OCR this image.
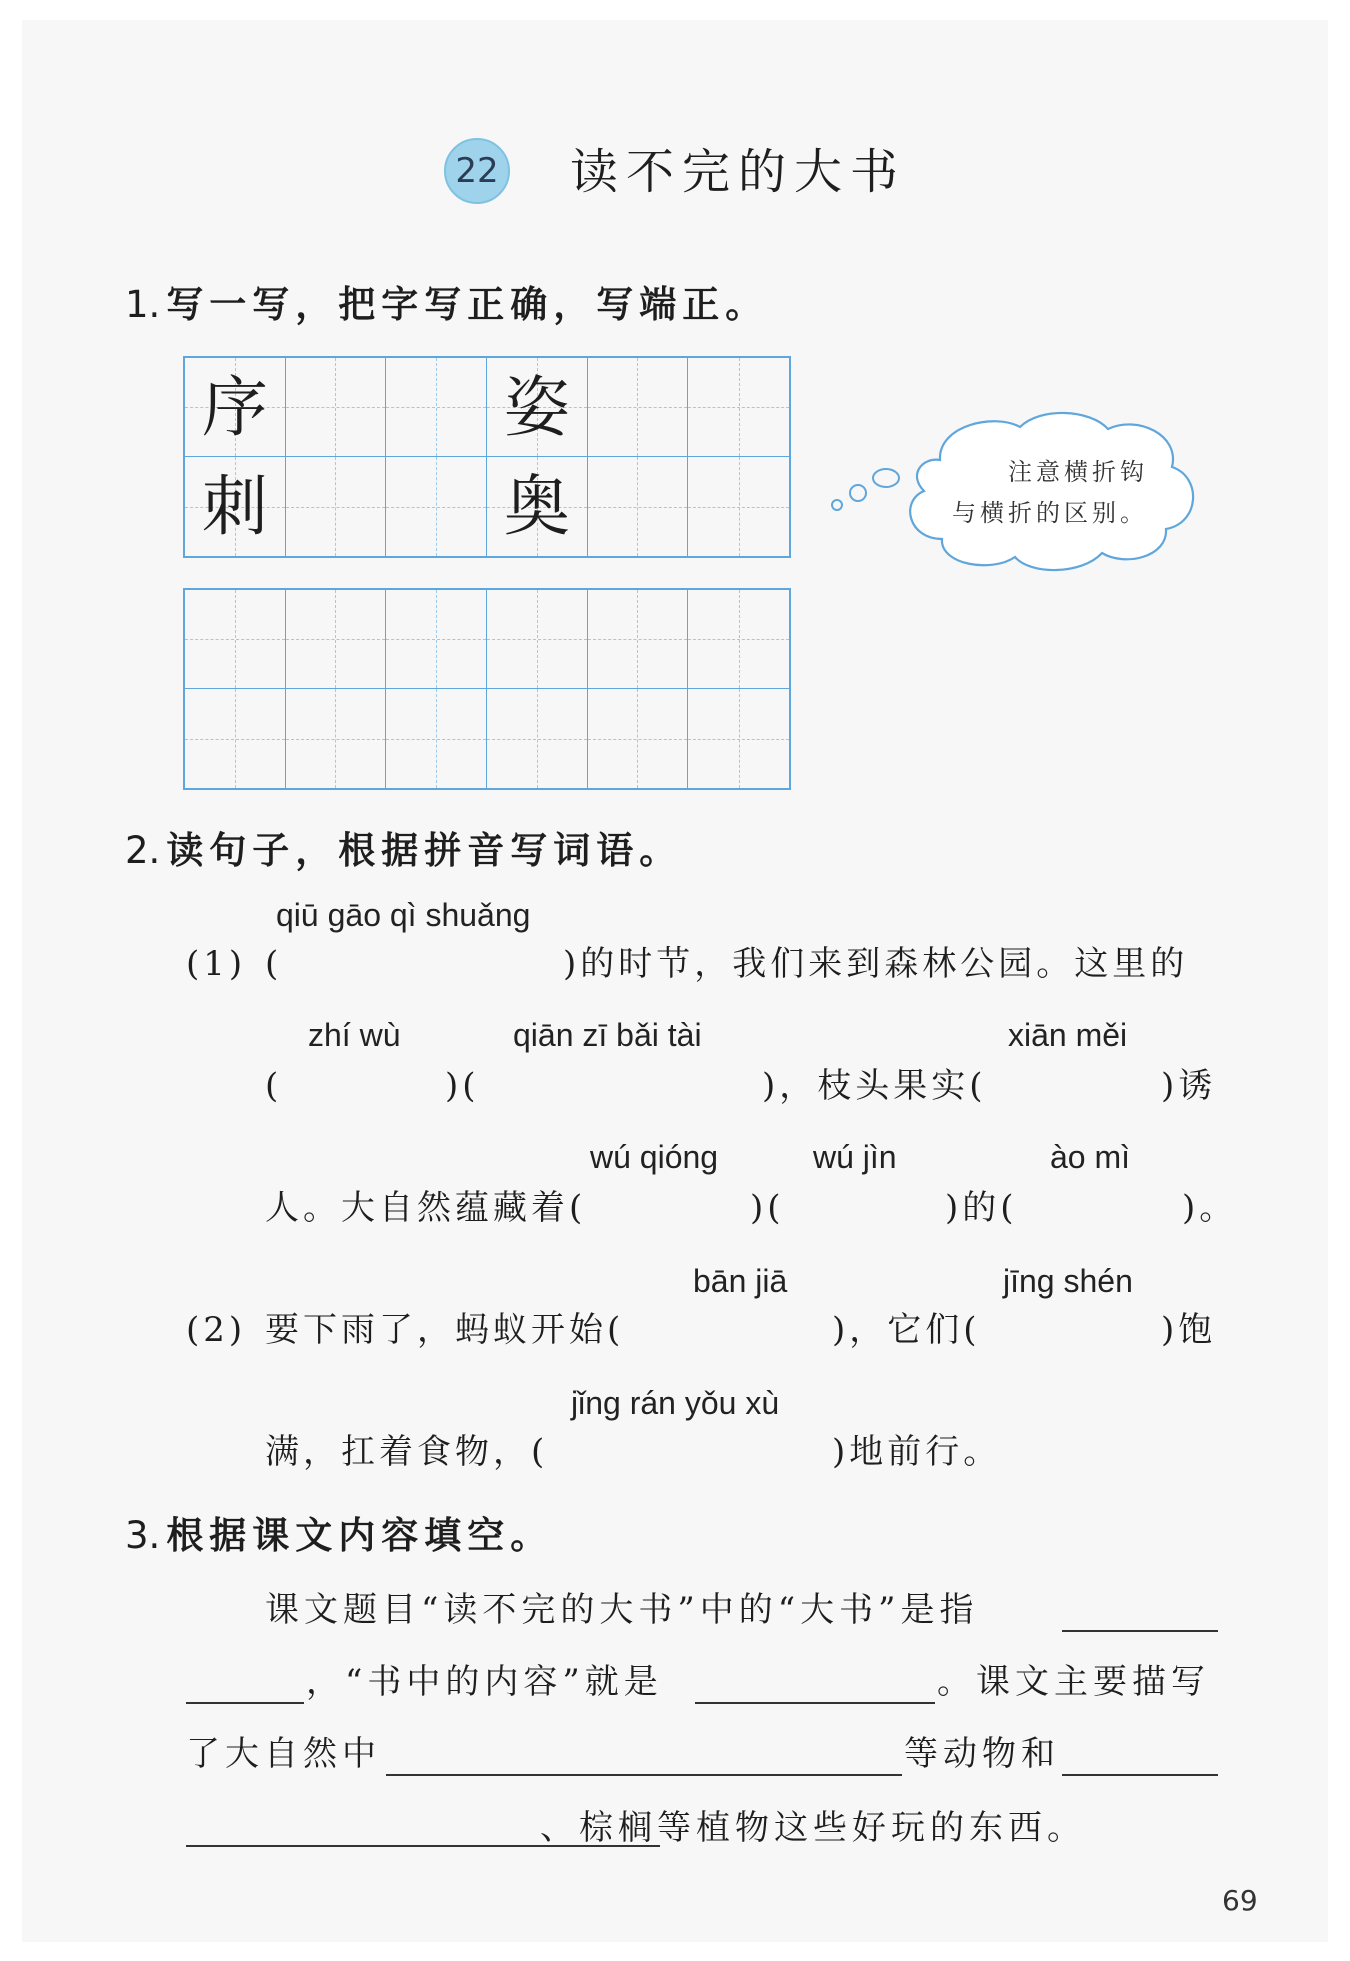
22 读不完的大书
1. 写一写，把字写正确，写端正。
序	姿
刺	奥	注意横折钩
与横折的区别。
2. 读句子，根据拼音写词语。
qiū gāo qì shuǎng
(1) (	)的时节，我们来到森林公园。这里的
zhí wù	qiān zī bǎi tài	xiān měi
(	)(	)，枝头果实(	)诱
wú qióng	wú jìn	ào mì
人。大自然蕴藏着(	)(	)的(	)。
bān jiā	jīng shén
(2) 要下雨了，蚂蚁开始(	)，它们(	)饱
jǐng rán yǒu xù
满，扛着食物，(	)地前行。
3. 根据课文内容填空。
课文题目“读不完的大书”中的“大书”是指
，“书中的内容”就是	。课文主要描写
了大自然中	等动物和
、棕榈等植物这些好玩的东西。
69
